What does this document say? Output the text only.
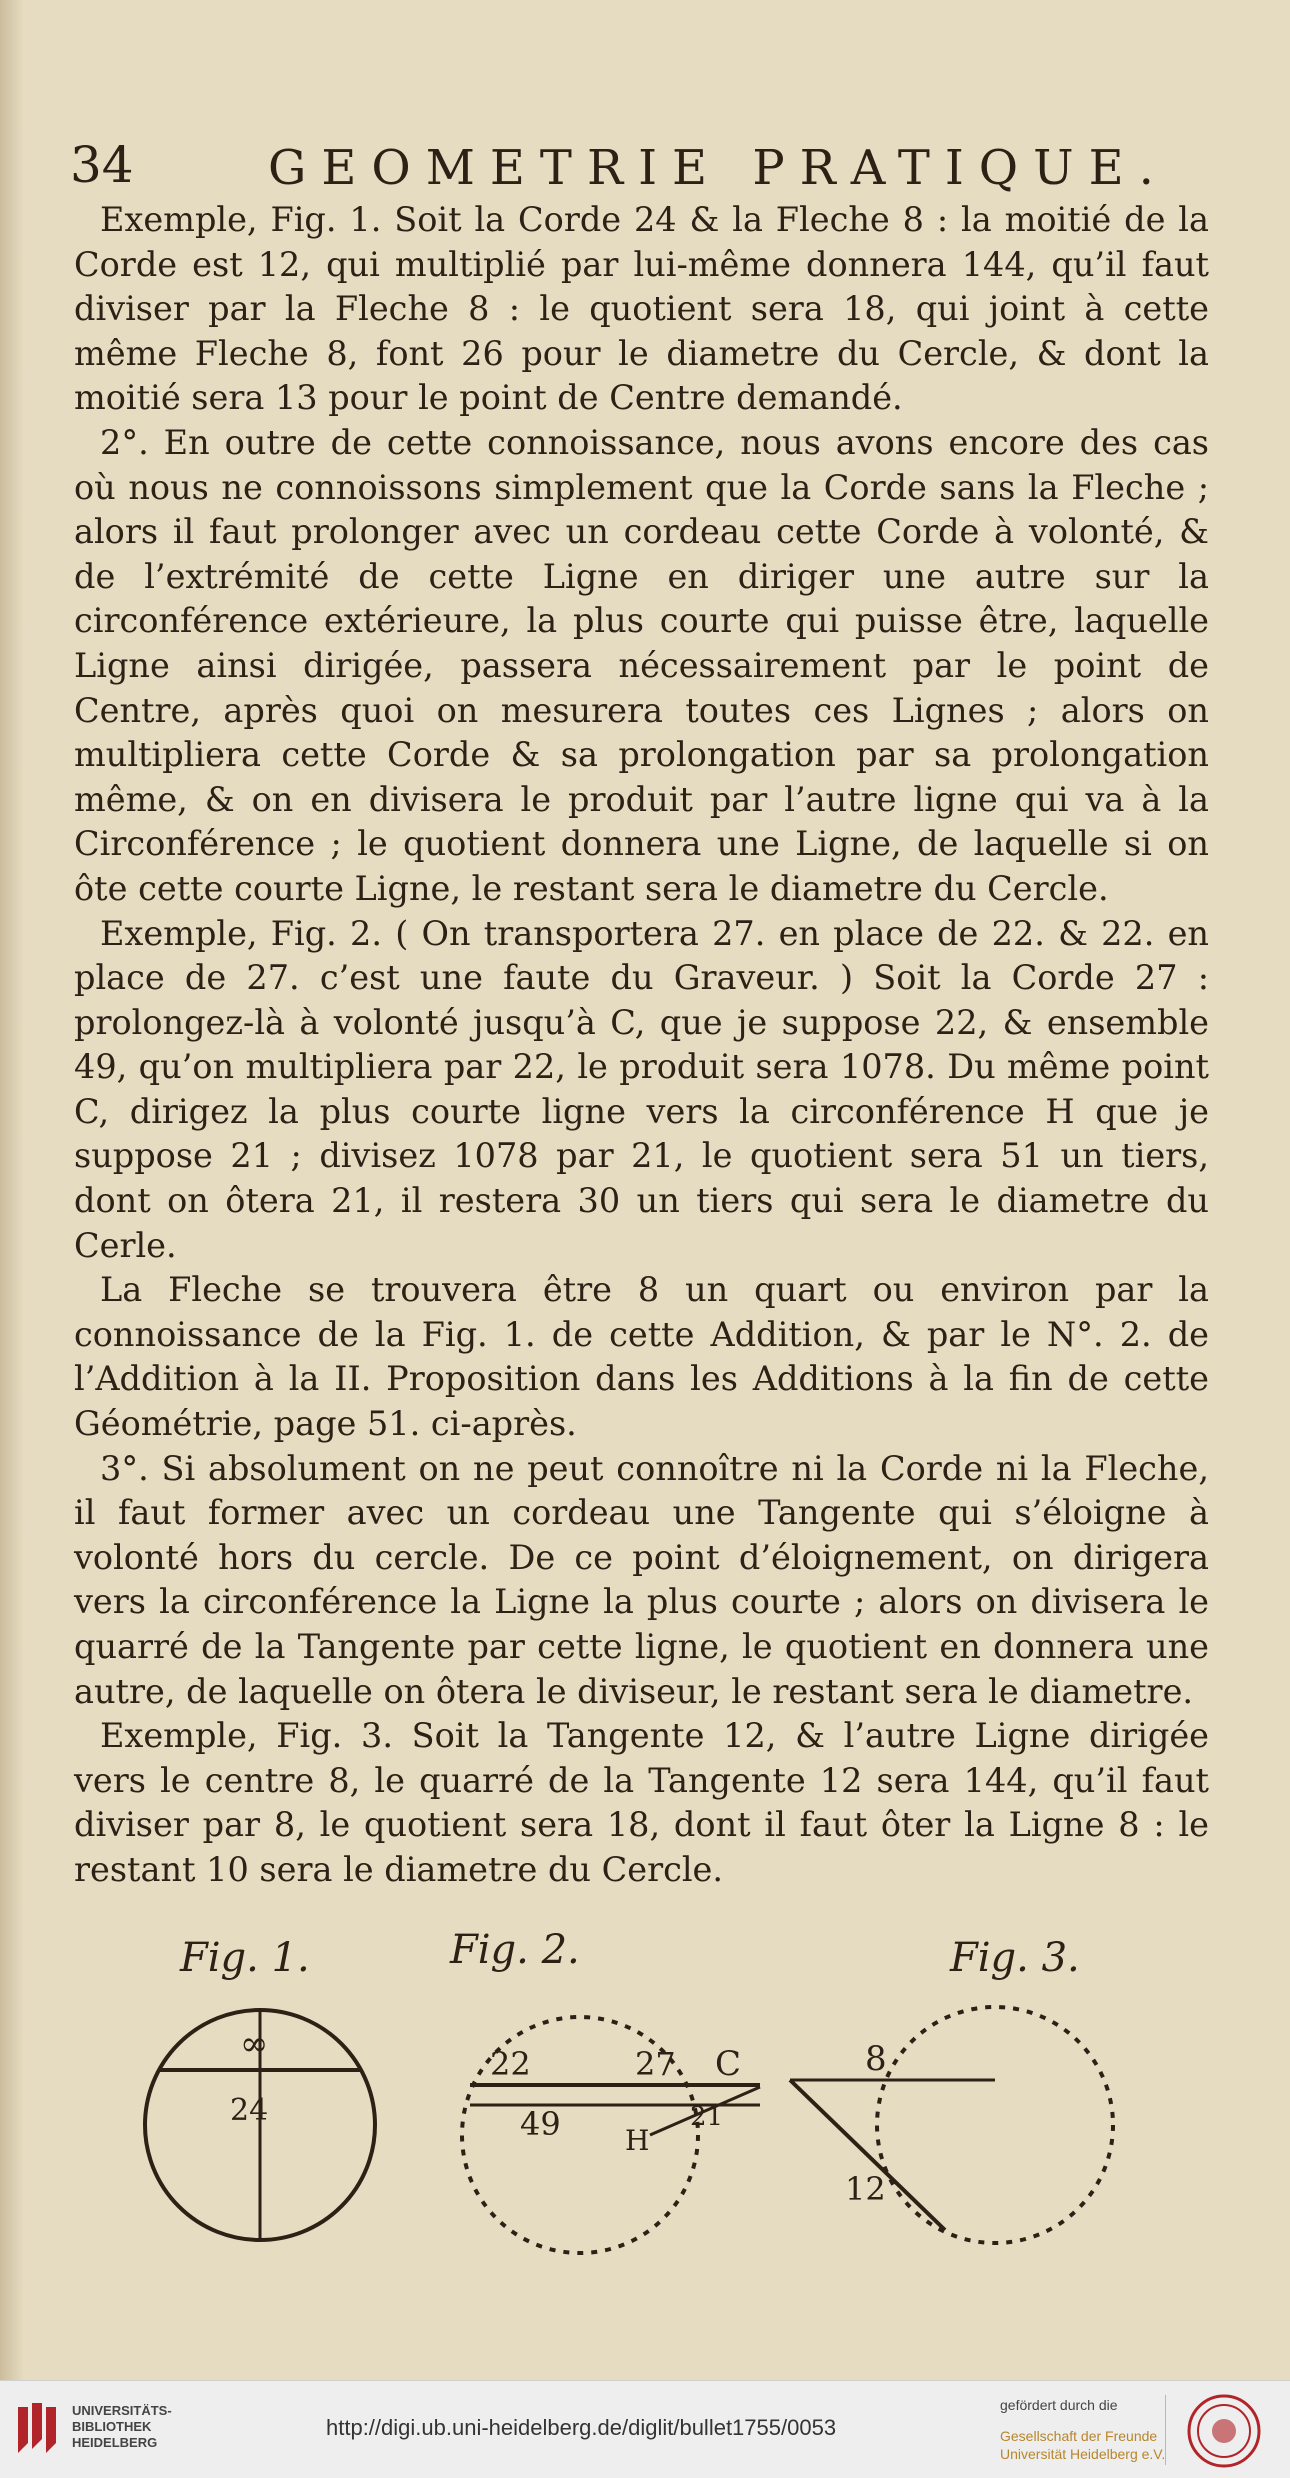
34	GEOMETRIE PRATIQUE.

Exemple, Fig. 1. Soit la Corde 24 & la Fleche 8 : la moitié de la Corde est 12, qui multiplié par lui-même donnera 144, qu’il faut diviser par la Fleche 8 : le quotient sera 18, qui joint à cette même Fleche 8, font 26 pour le diametre du Cercle, & dont la moitié sera 13 pour le point de Centre demandé.

2°. En outre de cette connoissance, nous avons encore des cas où nous ne connoissons simplement que la Corde sans la Fleche ; alors il faut prolonger avec un cordeau cette Corde à volonté, & de l’extrémité de cette Ligne en diriger une autre sur la circonférence extérieure, la plus courte qui puisse être, laquelle Ligne ainsi dirigée, passera nécessairement par le point de Centre, après quoi on mesurera toutes ces Lignes ; alors on multipliera cette Corde & sa prolongation par sa prolongation même, & on en divisera le produit par l’autre ligne qui va à la Circonférence ; le quotient donnera une Ligne, de laquelle si on ôte cette courte Ligne, le restant sera le diametre du Cercle.

Exemple, Fig. 2. ( On transportera 27. en place de 22. & 22. en place de 27. c’est une faute du Graveur. ) Soit la Corde 27 : prolongez-là à volonté jusqu’à C, que je suppose 22, & ensemble 49, qu’on multipliera par 22, le produit sera 1078. Du même point C, dirigez la plus courte ligne vers la circonférence H que je suppose 21 ; divisez 1078 par 21, le quotient sera 51 un tiers, dont on ôtera 21, il restera 30 un tiers qui sera le diametre du Cerle.

La Fleche se trouvera être 8 un quart ou environ par la connoissance de la Fig. 1. de cette Addition, & par le N°. 2. de l’Addition à la II. Proposition dans les Additions à la fin de cette Géométrie, page 51. ci-après.

3°. Si absolument on ne peut connoître ni la Corde ni la Fleche, il faut former avec un cordeau une Tangente qui s’éloigne à volonté hors du cercle. De ce point d’éloignement, on dirigera vers la circonférence la Ligne la plus courte ; alors on divisera le quarré de la Tangente par cette ligne, le quotient en donnera une autre, de laquelle on ôtera le diviseur, le restant sera le diametre.

Exemple, Fig. 3. Soit la Tangente 12, & l’autre Ligne dirigée vers le centre 8, le quarré de la Tangente 12 sera 144, qu’il faut diviser par 8, le quotient sera 18, dont il faut ôter la Ligne 8 : le restant 10 sera le diametre du Cercle.

Fig. 1.	Fig. 2.	Fig. 3.
∞
24
22	27 C
49 H
21
8
12
UNIVERSITÄTS-
BIBLIOTHEK
HEIDELBERG
http://digi.ub.uni-heidelberg.de/diglit/bullet1755/0053
gefördert durch die
Gesellschaft der Freunde
Universität Heidelberg e.V.
